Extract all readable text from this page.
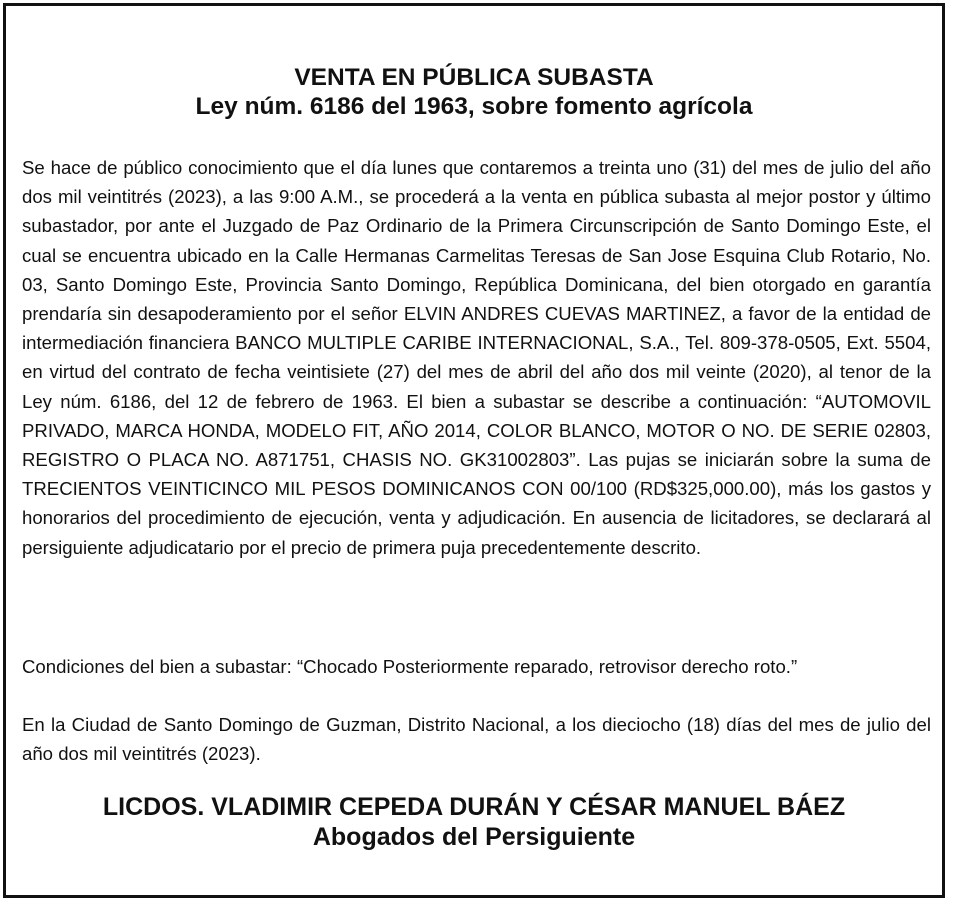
VENTA EN PÚBLICA SUBASTA
Ley núm. 6186 del 1963, sobre fomento agrícola

Se hace de público conocimiento que el día lunes que contaremos a treinta uno (31) del mes de julio del año dos mil veintitrés (2023), a las 9:00 A.M., se procederá a la venta en pública subasta al mejor postor y último subastador, por ante el Juzgado de Paz Ordinario de la Primera Circunscripción de Santo Domingo Este, el cual se encuentra ubicado en la Calle Hermanas Carmelitas Teresas de San Jose Esquina Club Rotario, No. 03, Santo Domingo Este, Provincia Santo Domingo, República Dominicana, del bien otorgado en garantía prendaría sin desapoderamiento por el señor ELVIN ANDRES CUEVAS MARTINEZ, a favor de la entidad de intermediación financiera BANCO MULTIPLE CARIBE INTERNACIONAL, S.A., Tel. 809-378-0505, Ext. 5504, en virtud del contrato de fecha veintisiete (27) del mes de abril del año dos mil veinte (2020), al tenor de la Ley núm. 6186, del 12 de febrero de 1963. El bien a subastar se describe a continuación: “AUTOMOVIL PRIVADO, MARCA HONDA, MODELO FIT, AÑO 2014, COLOR BLANCO, MOTOR O NO. DE SERIE 02803, REGISTRO O PLACA NO. A871751, CHASIS NO. GK31002803”. Las pujas se iniciarán sobre la suma de TRECIENTOS VEINTICINCO MIL PESOS DOMINICANOS CON 00/100 (RD$325,000.00), más los gastos y honorarios del procedimiento de ejecución, venta y adjudicación. En ausencia de licitadores, se declarará al persiguiente adjudicatario por el precio de primera puja precedentemente descrito.

Condiciones del bien a subastar: “Chocado Posteriormente reparado, retrovisor derecho roto.”

En la Ciudad de Santo Domingo de Guzman, Distrito Nacional, a los dieciocho (18) días del mes de julio del año dos mil veintitrés (2023).

LICDOS. VLADIMIR CEPEDA DURÁN Y CÉSAR MANUEL BÁEZ
Abogados del Persiguiente
